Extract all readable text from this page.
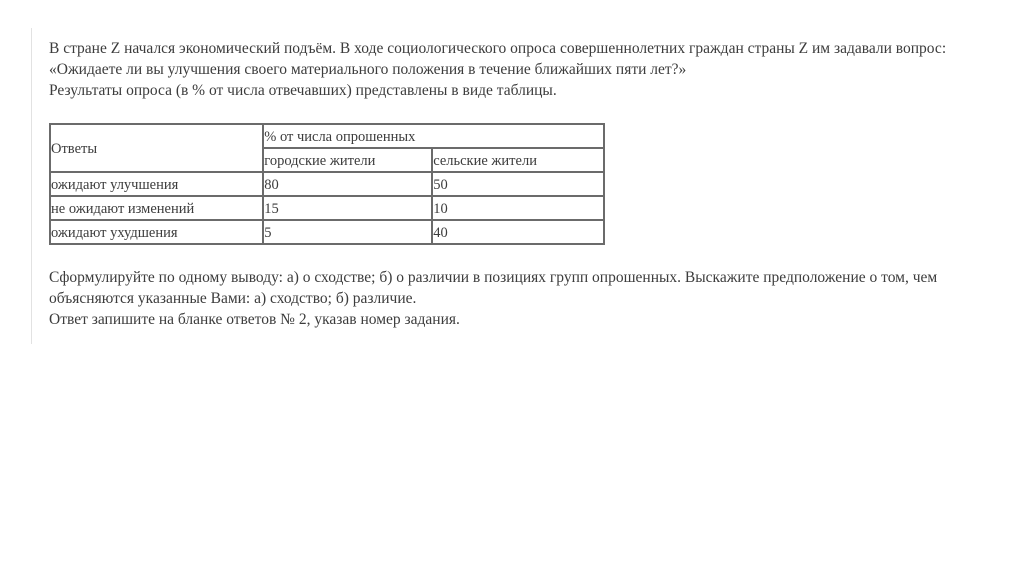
В стране Z начался экономический подъём. В ходе социологического опроса совершеннолетних граждан страны Z им задавали вопрос:

«Ожидаете ли вы улучшения своего материального положения в течение ближайших пяти лет?»

Результаты опроса (в % от числа отвечавших) представлены в виде таблицы.

Ответы	% от числа опрошенных	
	городские жители	сельские жители
ожидают улучшения	80	50
не ожидают изменений	15	10
ожидают ухудшения	5	40

Сформулируйте по одному выводу: а) о сходстве; б) о различии в позициях групп опрошенных. Выскажите предположение о том, чем

объясняются указанные Вами: а) сходство; б) различие.

Ответ запишите на бланке ответов № 2, указав номер задания.
